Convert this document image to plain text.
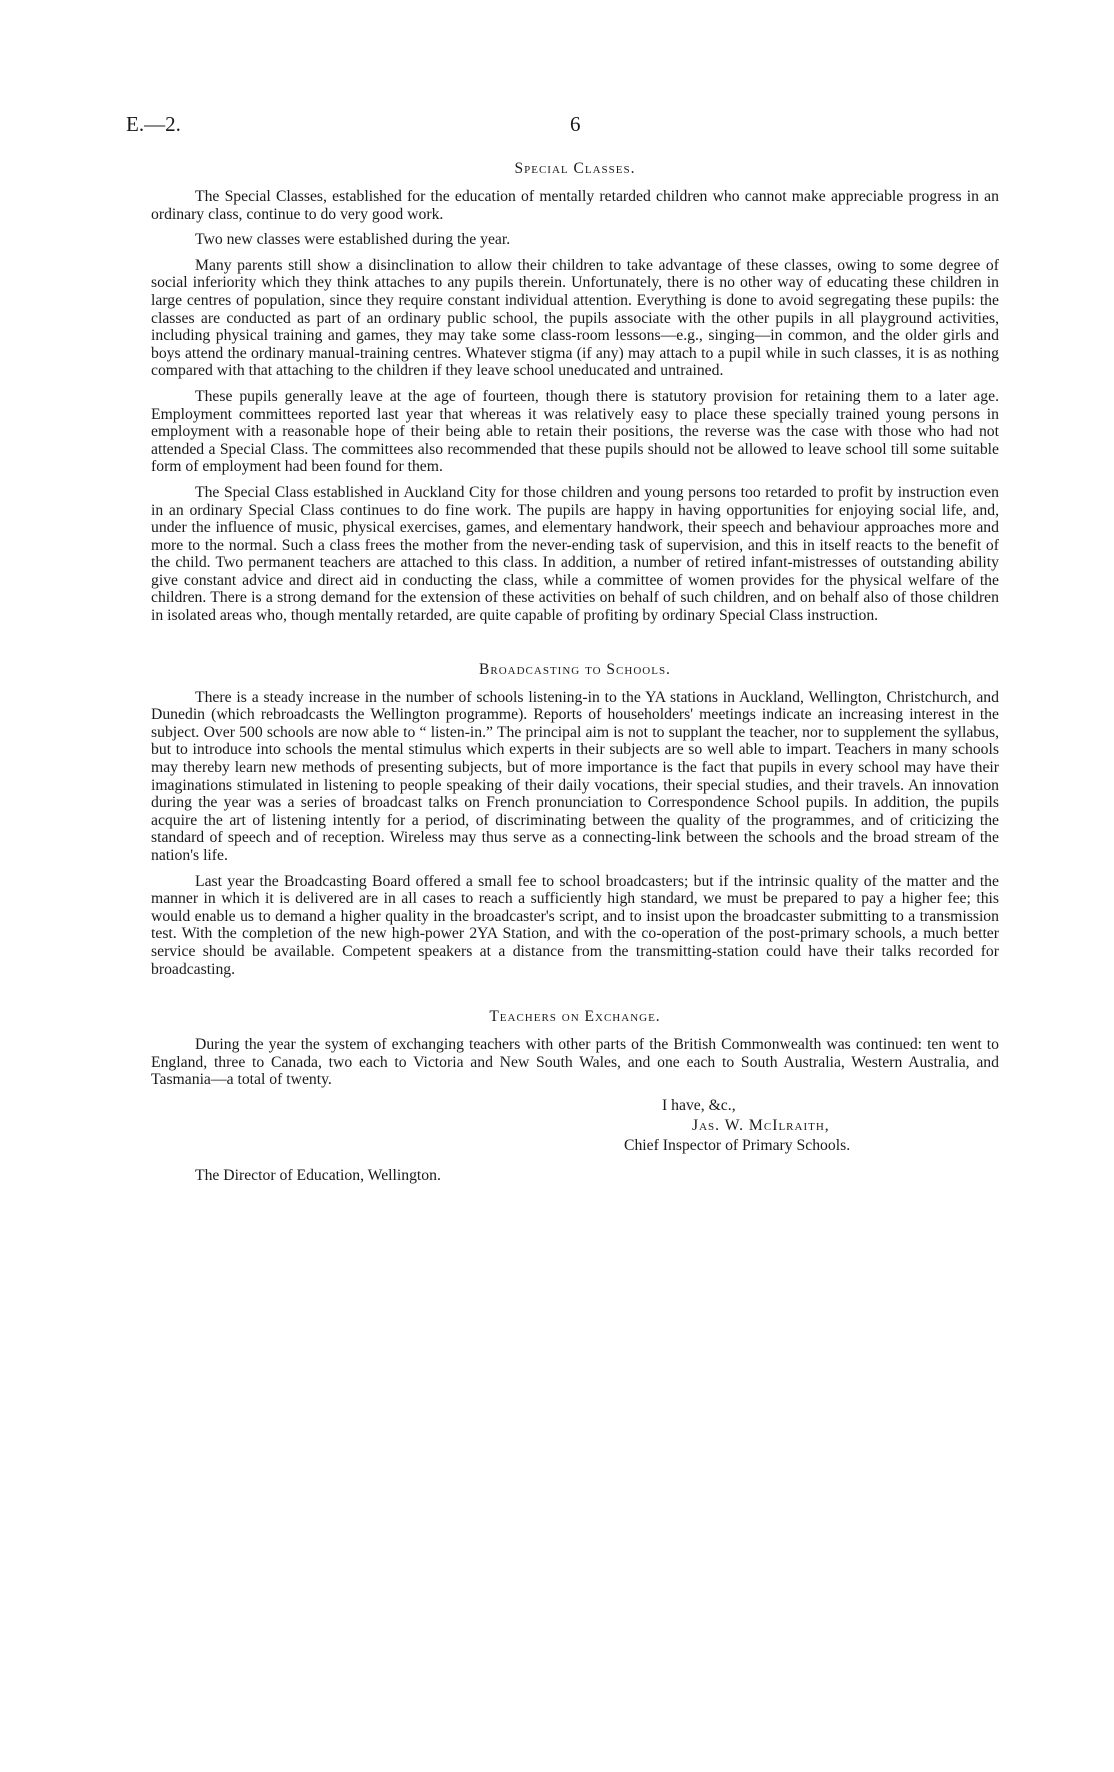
E.—2.	6
Special Classes.

The Special Classes, established for the education of mentally retarded children who cannot make appreciable progress in an ordinary class, continue to do very good work.

Two new classes were established during the year.

Many parents still show a disinclination to allow their children to take advantage of these classes, owing to some degree of social inferiority which they think attaches to any pupils therein. Unfortunately, there is no other way of educating these children in large centres of population, since they require constant individual attention. Everything is done to avoid segregating these pupils: the classes are conducted as part of an ordinary public school, the pupils associate with the other pupils in all playground activities, including physical training and games, they may take some class-room lessons—e.g., singing—in common, and the older girls and boys attend the ordinary manual-training centres. Whatever stigma (if any) may attach to a pupil while in such classes, it is as nothing compared with that attaching to the children if they leave school uneducated and untrained.

These pupils generally leave at the age of fourteen, though there is statutory provision for retaining them to a later age. Employment committees reported last year that whereas it was relatively easy to place these specially trained young persons in employment with a reasonable hope of their being able to retain their positions, the reverse was the case with those who had not attended a Special Class. The committees also recommended that these pupils should not be allowed to leave school till some suitable form of employment had been found for them.

The Special Class established in Auckland City for those children and young persons too retarded to profit by instruction even in an ordinary Special Class continues to do fine work. The pupils are happy in having opportunities for enjoying social life, and, under the influence of music, physical exercises, games, and elementary handwork, their speech and behaviour approaches more and more to the normal. Such a class frees the mother from the never-ending task of supervision, and this in itself reacts to the benefit of the child. Two permanent teachers are attached to this class. In addition, a number of retired infant-mistresses of outstanding ability give constant advice and direct aid in conducting the class, while a committee of women provides for the physical welfare of the children. There is a strong demand for the extension of these activities on behalf of such children, and on behalf also of those children in isolated areas who, though mentally retarded, are quite capable of profiting by ordinary Special Class instruction.

Broadcasting to Schools.

There is a steady increase in the number of schools listening-in to the YA stations in Auckland, Wellington, Christchurch, and Dunedin (which rebroadcasts the Wellington programme). Reports of householders' meetings indicate an increasing interest in the subject. Over 500 schools are now able to “ listen-in.” The principal aim is not to supplant the teacher, nor to supplement the syllabus, but to introduce into schools the mental stimulus which experts in their subjects are so well able to impart. Teachers in many schools may thereby learn new methods of presenting subjects, but of more importance is the fact that pupils in every school may have their imaginations stimulated in listening to people speaking of their daily vocations, their special studies, and their travels. An innovation during the year was a series of broadcast talks on French pronunciation to Correspondence School pupils. In addition, the pupils acquire the art of listening intently for a period, of discriminating between the quality of the programmes, and of criticizing the standard of speech and of reception. Wireless may thus serve as a connecting-link between the schools and the broad stream of the nation's life.

Last year the Broadcasting Board offered a small fee to school broadcasters; but if the intrinsic quality of the matter and the manner in which it is delivered are in all cases to reach a sufficiently high standard, we must be prepared to pay a higher fee; this would enable us to demand a higher quality in the broadcaster's script, and to insist upon the broadcaster submitting to a transmission test. With the completion of the new high-power 2YA Station, and with the co-operation of the post-primary schools, a much better service should be available. Competent speakers at a distance from the transmitting-station could have their talks recorded for broadcasting.

Teachers on Exchange.

During the year the system of exchanging teachers with other parts of the British Commonwealth was continued: ten went to England, three to Canada, two each to Victoria and New South Wales, and one each to South Australia, Western Australia, and Tasmania—a total of twenty.

I have, &c.,
Jas. W. McIlraith,
Chief Inspector of Primary Schools.
The Director of Education, Wellington.
